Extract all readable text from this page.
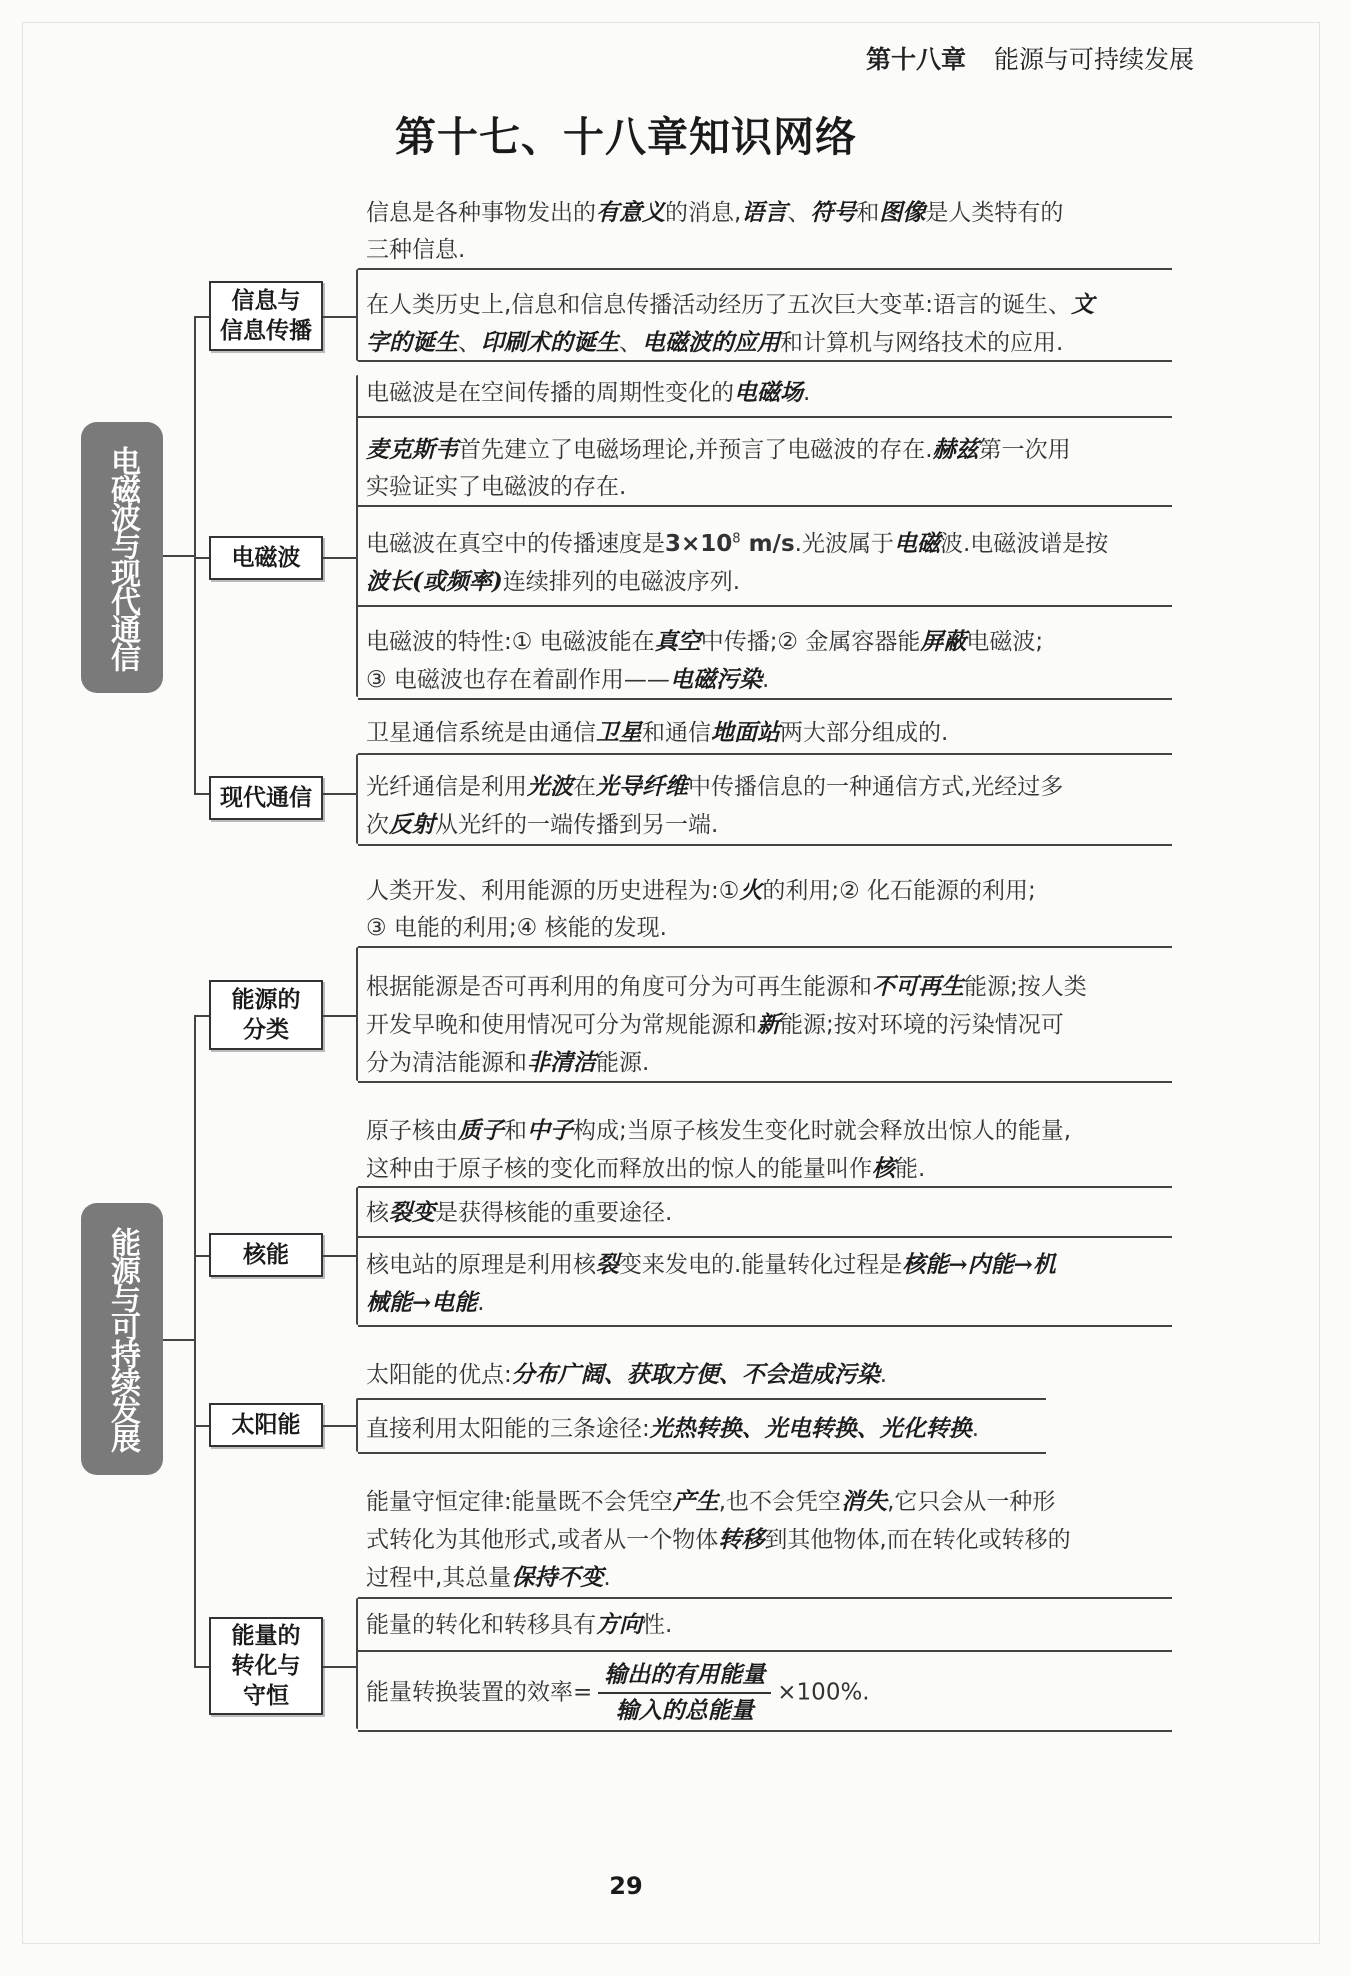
第十八章 能源与可持续发展
第十七、十八章知识网络
电磁波与现代通信
信息与
信息传播
电磁波
现代通信
信息是各种事物发出的有意义的消息,语言、符号和图像是人类特有的
三种信息.
在人类历史上,信息和信息传播活动经历了五次巨大变革:语言的诞生、文
字的诞生、印刷术的诞生、电磁波的应用和计算机与网络技术的应用.
电磁波是在空间传播的周期性变化的电磁场.
麦克斯韦首先建立了电磁场理论,并预言了电磁波的存在.赫兹第一次用
实验证实了电磁波的存在.
电磁波在真空中的传播速度是$3\times 10^8$ m/s.光波属于电磁波.电磁波谱是按
波长(或频率)连续排列的电磁波序列.
电磁波的特性:① 电磁波能在真空中传播;② 金属容器能屏蔽电磁波;
③ 电磁波也存在着副作用——电磁污染.
卫星通信系统是由通信卫星和通信地面站两大部分组成的.
光纤通信是利用光波在光导纤维中传播信息的一种通信方式,光经过多
次反射从光纤的一端传播到另一端.
能源与可持续发展
能源的
分类
核能
太阳能
能量的
转化与
守恒
人类开发、利用能源的历史进程为:①火的利用;② 化石能源的利用;
③ 电能的利用;④ 核能的发现.
根据能源是否可再利用的角度可分为可再生能源和不可再生能源;按人类
开发早晚和使用情况可分为常规能源和新能源;按对环境的污染情况可
分为清洁能源和非清洁能源.
原子核由质子和中子构成;当原子核发生变化时就会释放出惊人的能量,
这种由于原子核的变化而释放出的惊人的能量叫作核能.
核裂变是获得核能的重要途径.
核电站的原理是利用核裂变来发电的.能量转化过程是核能→内能→机
械能→电能.
太阳能的优点:分布广阔、获取方便、不会造成污染.
直接利用太阳能的三条途径:光热转换、光电转换、光化转换.
能量守恒定律:能量既不会凭空产生,也不会凭空消失,它只会从一种形
式转化为其他形式,或者从一个物体转移到其他物体,而在转化或转移的
过程中,其总量保持不变.
能量的转化和转移具有方向性.
能量转换装置的效率= $\frac{\text{输出的有用能量}}{\text{输入的总能量}} \times 100\%$.
29
